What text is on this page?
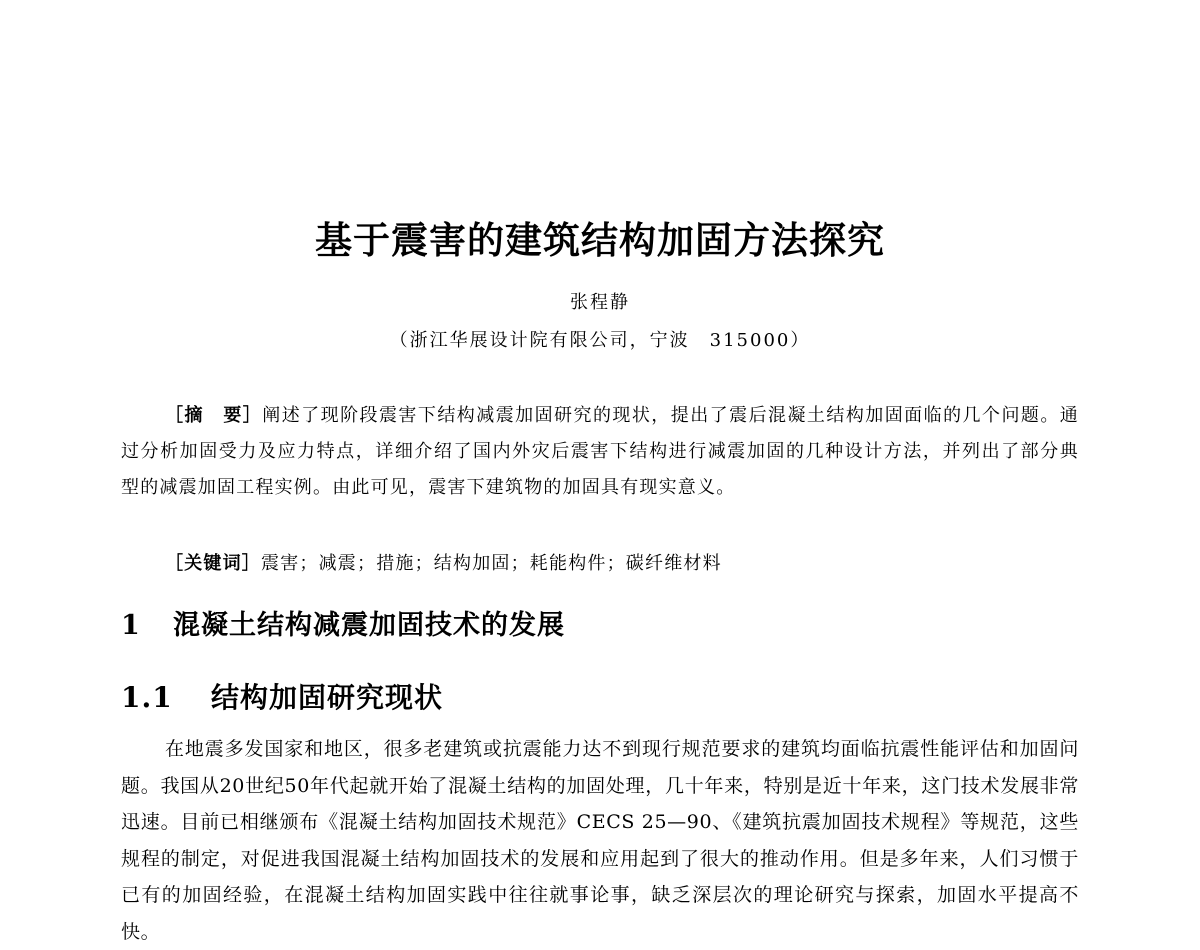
基于震害的建筑结构加固方法探究
张程静
（浙江华展设计院有限公司，宁波　315000）
［摘　要］阐述了现阶段震害下结构减震加固研究的现状，提出了震后混凝土结构加固面临的几个问题。通过分析加固受力及应力特点，详细介绍了国内外灾后震害下结构进行减震加固的几种设计方法，并列出了部分典型的减震加固工程实例。由此可见，震害下建筑物的加固具有现实意义。
［关键词］震害；减震；措施；结构加固；耗能构件；碳纤维材料
1 混凝土结构减震加固技术的发展
1.1 结构加固研究现状
在地震多发国家和地区，很多老建筑或抗震能力达不到现行规范要求的建筑均面临抗震性能评估和加固问题。我国从20世纪50年代起就开始了混凝土结构的加固处理，几十年来，特别是近十年来，这门技术发展非常迅速。目前已相继颁布《混凝土结构加固技术规范》CECS 25—90、《建筑抗震加固技术规程》等规范，这些规程的制定，对促进我国混凝土结构加固技术的发展和应用起到了很大的推动作用。但是多年来，人们习惯于已有的加固经验，在混凝土结构加固实践中往往就事论事，缺乏深层次的理论研究与探索，加固水平提高不快。
